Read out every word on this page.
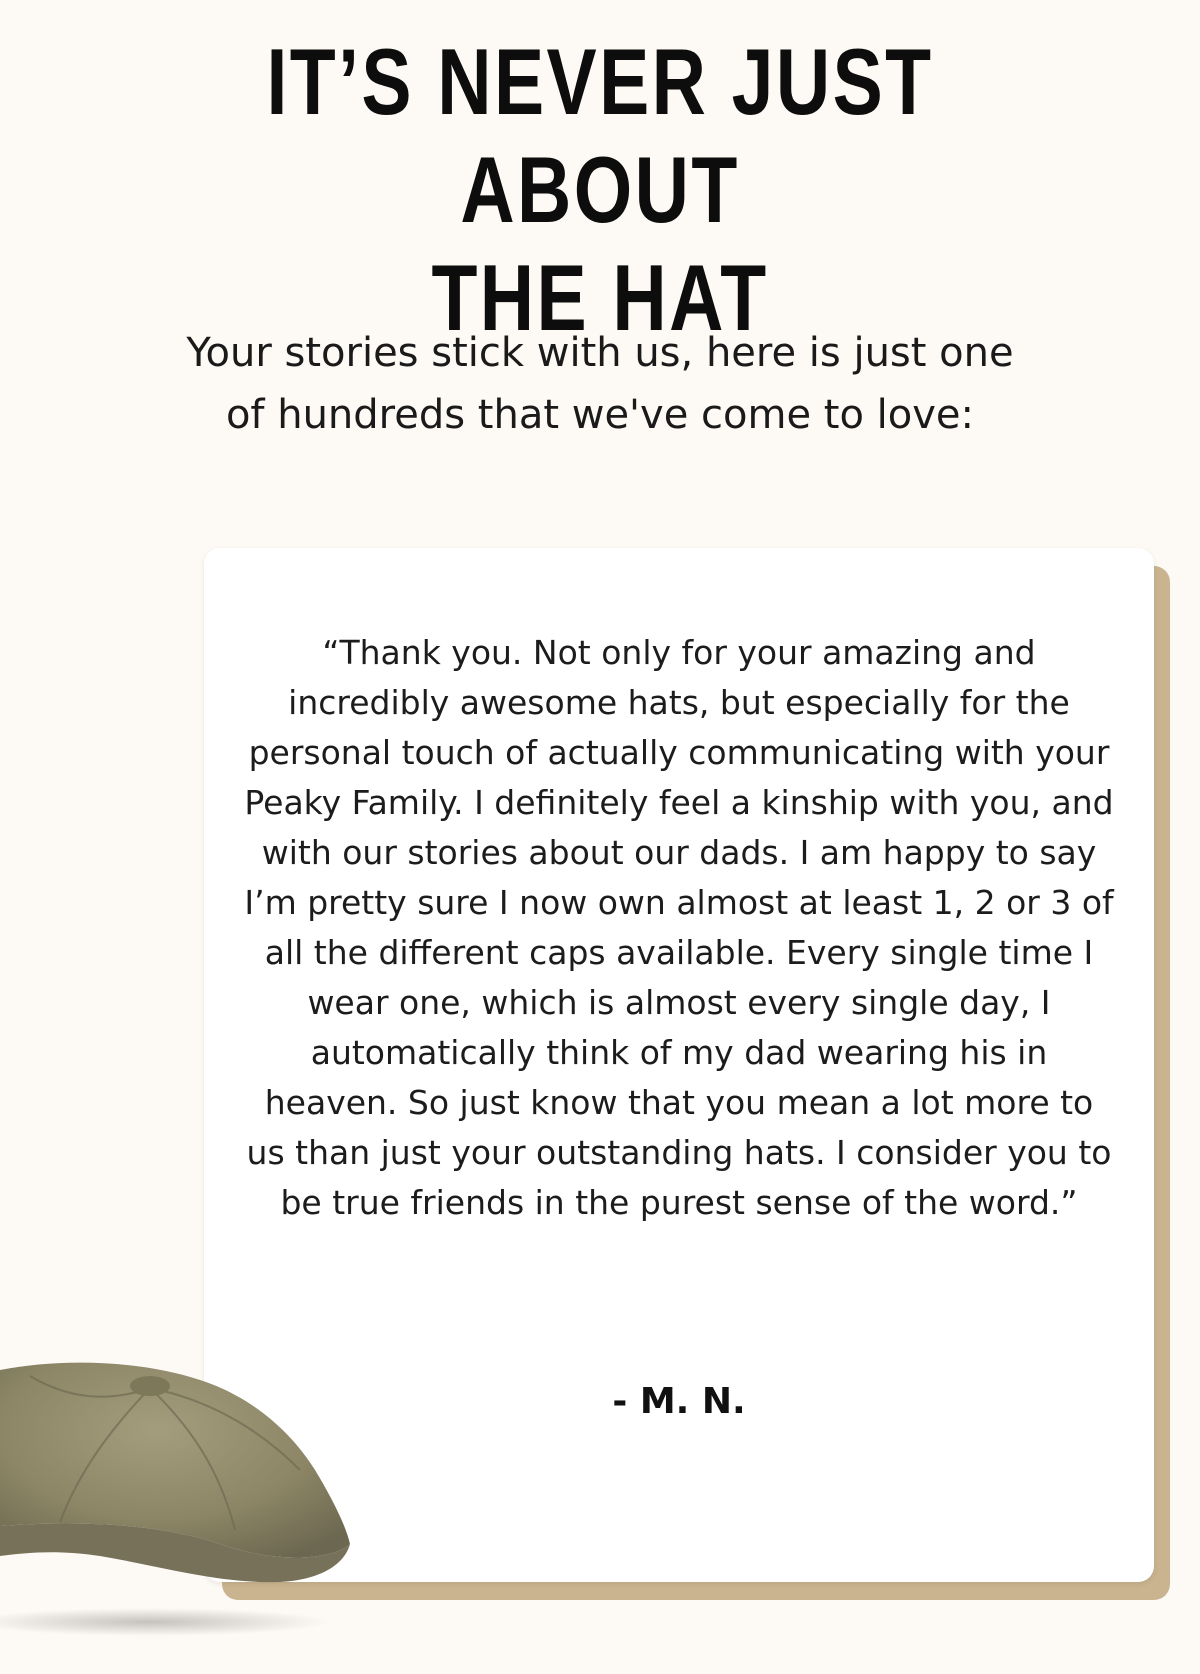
IT’S NEVER JUST ABOUT
THE HAT

Your stories stick with us, here is just one
of hundreds that we've come to love:

“Thank you. Not only for your amazing and incredibly awesome hats, but especially for the personal touch of actually communicating with your Peaky Family. I definitely feel a kinship with you, and with our stories about our dads. I am happy to say I’m pretty sure I now own almost at least 1, 2 or 3 of all the different caps available. Every single time I wear one, which is almost every single day, I automatically think of my dad wearing his in heaven. So just know that you mean a lot more to us than just your outstanding hats. I consider you to be true friends in the purest sense of the word.”

- M. N.
